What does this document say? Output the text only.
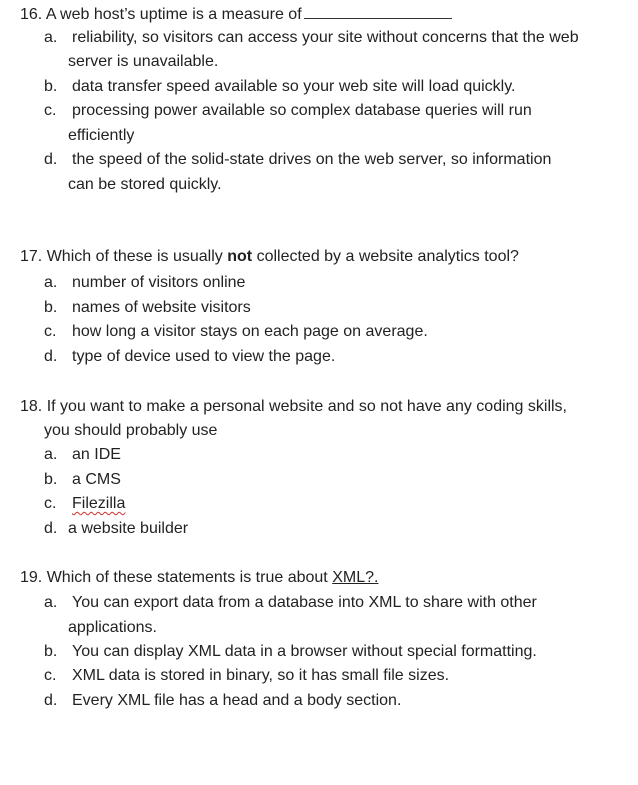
16. A web host’s uptime is a measure of
a. reliability, so visitors can access your site without concerns that the web
server is unavailable.
b. data transfer speed available so your web site will load quickly.
c. processing power available so complex database queries will run
efficiently
d. the speed of the solid-state drives on the web server, so information
can be stored quickly.
17. Which of these is usually not collected by a website analytics tool?
a. number of visitors online
b. names of website visitors
c. how long a visitor stays on each page on average.
d. type of device used to view the page.
18. If you want to make a personal website and so not have any coding skills,
you should probably use
a. an IDE
b. a CMS
c. Filezilla
d. a website builder
19. Which of these statements is true about XML?.
a. You can export data from a database into XML to share with other
applications.
b. You can display XML data in a browser without special formatting.
c. XML data is stored in binary, so it has small file sizes.
d. Every XML file has a head and a body section.
